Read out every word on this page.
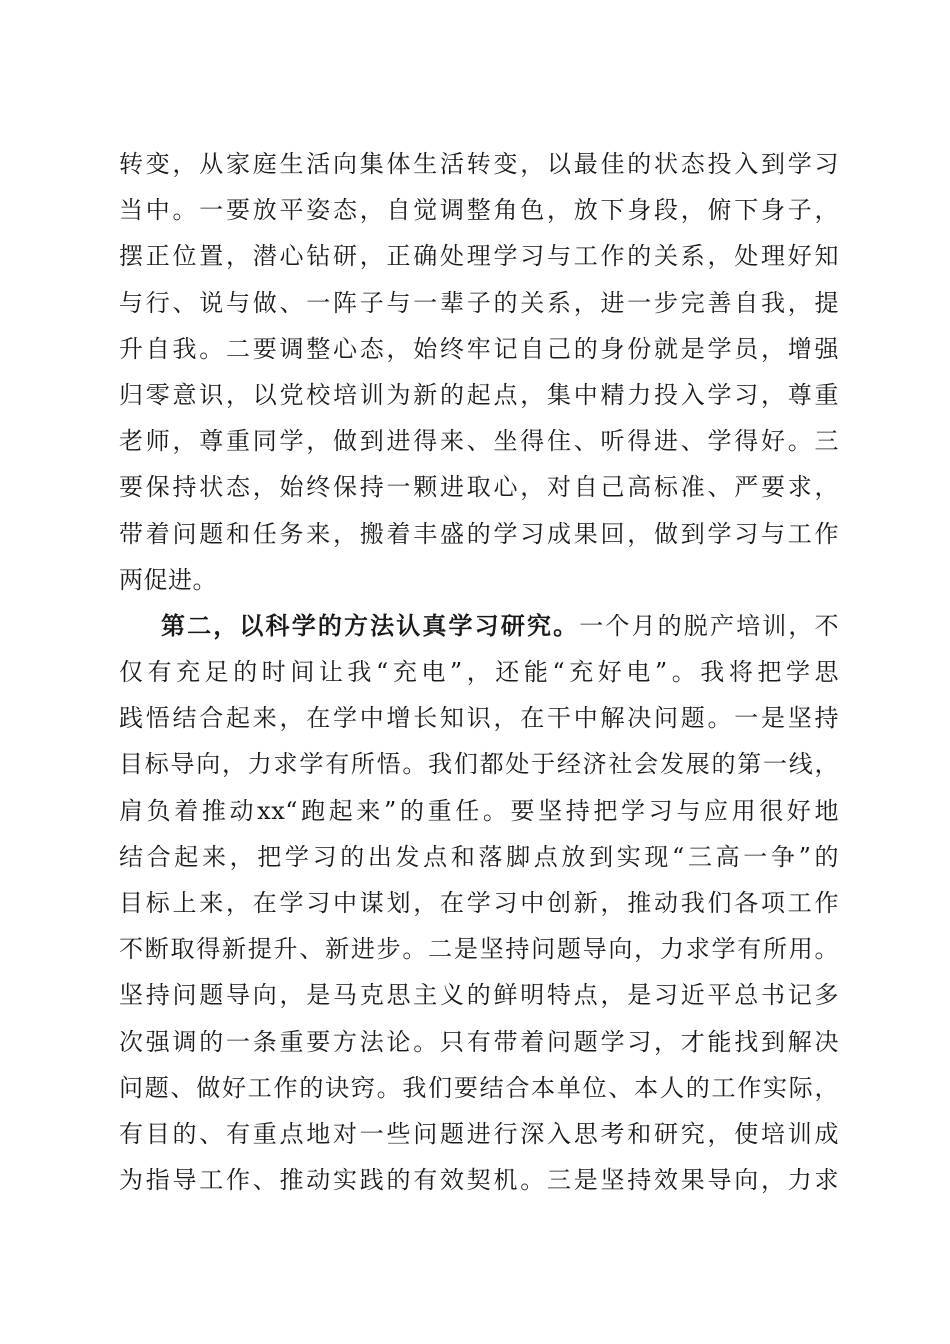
转变，从家庭生活向集体生活转变，以最佳的状态投入到学习
当中。一要放平姿态，自觉调整角色，放下身段，俯下身子，
摆正位置，潜心钻研，正确处理学习与工作的关系，处理好知
与行、说与做、一阵子与一辈子的关系，进一步完善自我，提
升自我。二要调整心态，始终牢记自己的身份就是学员，增强
归零意识，以党校培训为新的起点，集中精力投入学习，尊重
老师，尊重同学，做到进得来、坐得住、听得进、学得好。三
要保持状态，始终保持一颗进取心，对自己高标准、严要求，
带着问题和任务来，搬着丰盛的学习成果回，做到学习与工作
两促进。
第二，以科学的方法认真学习研究。一个月的脱产培训，不
仅有充足的时间让我“充电”，还能“充好电”。我将把学思
践悟结合起来，在学中增长知识，在干中解决问题。一是坚持
目标导向，力求学有所悟。我们都处于经济社会发展的第一线，
肩负着推动xx“跑起来”的重任。要坚持把学习与应用很好地
结合起来，把学习的出发点和落脚点放到实现“三高一争”的
目标上来，在学习中谋划，在学习中创新，推动我们各项工作
不断取得新提升、新进步。二是坚持问题导向，力求学有所用。
坚持问题导向，是马克思主义的鲜明特点，是习近平总书记多
次强调的一条重要方法论。只有带着问题学习，才能找到解决
问题、做好工作的诀窍。我们要结合本单位、本人的工作实际，
有目的、有重点地对一些问题进行深入思考和研究，使培训成
为指导工作、推动实践的有效契机。三是坚持效果导向，力求
